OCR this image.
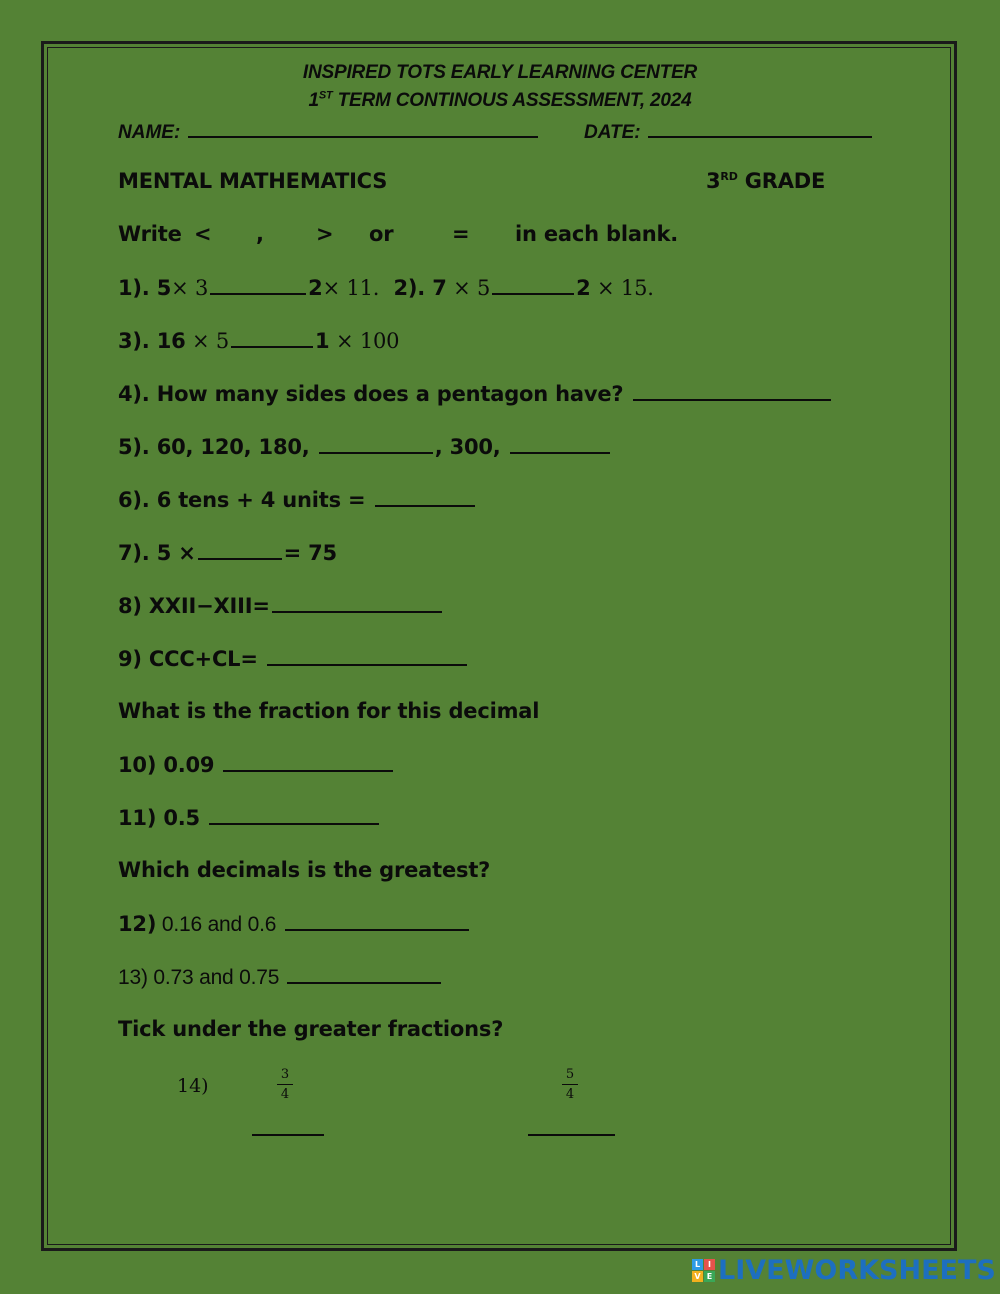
INSPIRED TOTS EARLY LEARNING CENTER
1ST TERM CONTINOUS ASSESSMENT, 2024
NAME:	DATE:
MENTAL MATHEMATICS	3RD GRADE
Write < , > or	= in each blank.
1). 5× 3	2× 11. 2). 7 × 5	2 × 15.
3). 16 × 5	1 × 100
4). How many sides does a pentagon have?
5). 60, 120, 180,	, 300,
6). 6 tens + 4 units =
7). 5 ×	= 75
8) XXII−XIII=
9) CCC+CL=
What is the fraction for this decimal
10) 0.09
11) 0.5
Which decimals is the greatest?
12) 0.16 and 0.6
13) 0.73 and 0.75
Tick under the greater fractions?
14)
3
4
5
4
L I
V E LIVEWORKSHEETS
